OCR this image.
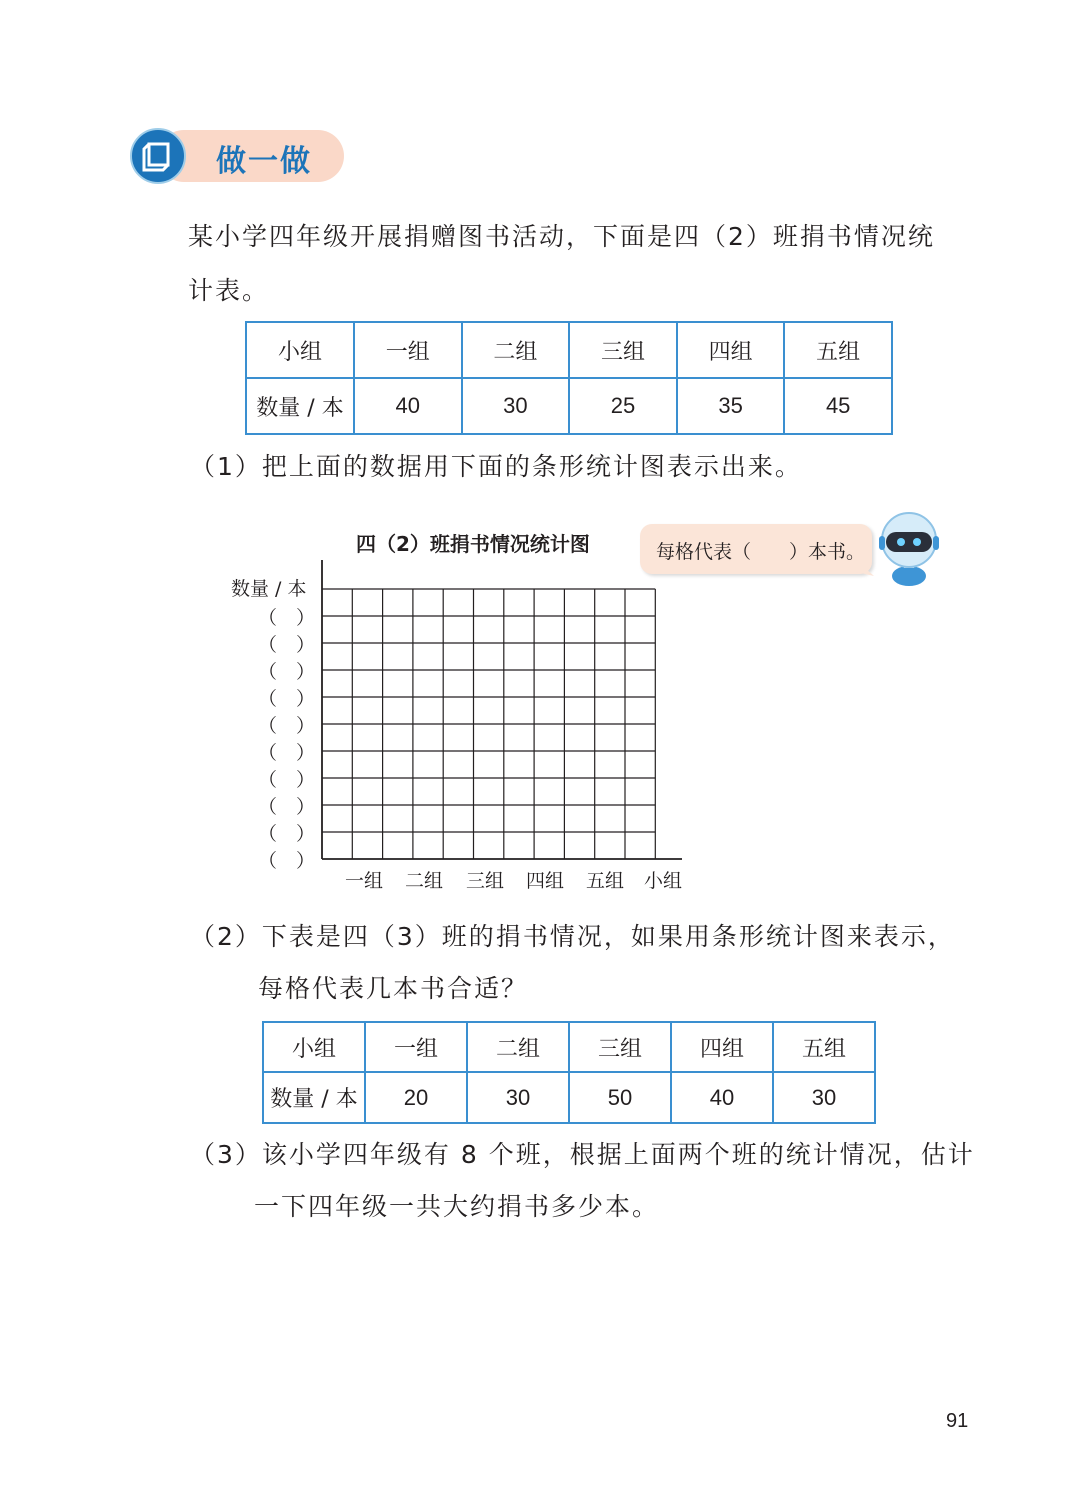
做一做
某小学四年级开展捐赠图书活动，下面是四（2）班捐书情况统
计表。
小组	一组	二组	三组	四组	五组
数量 / 本	40	30	25	35	45
（1）把上面的数据用下面的条形统计图表示出来。
四（2）班捐书情况统计图	每格代表（　　）本书。
数量 / 本
（　）
（　）
（　）
（　）
（　）
（　）
（　）
（　）
（　）
（　）
一组 二组 三组 四组 五组 小组
（2）下表是四（3）班的捐书情况，如果用条形统计图来表示，
每格代表几本书合适？
小组	一组	二组	三组	四组	五组
数量 / 本	20	30	50	40	30
（3）该小学四年级有 8 个班，根据上面两个班的统计情况，估计
一下四年级一共大约捐书多少本。
91
